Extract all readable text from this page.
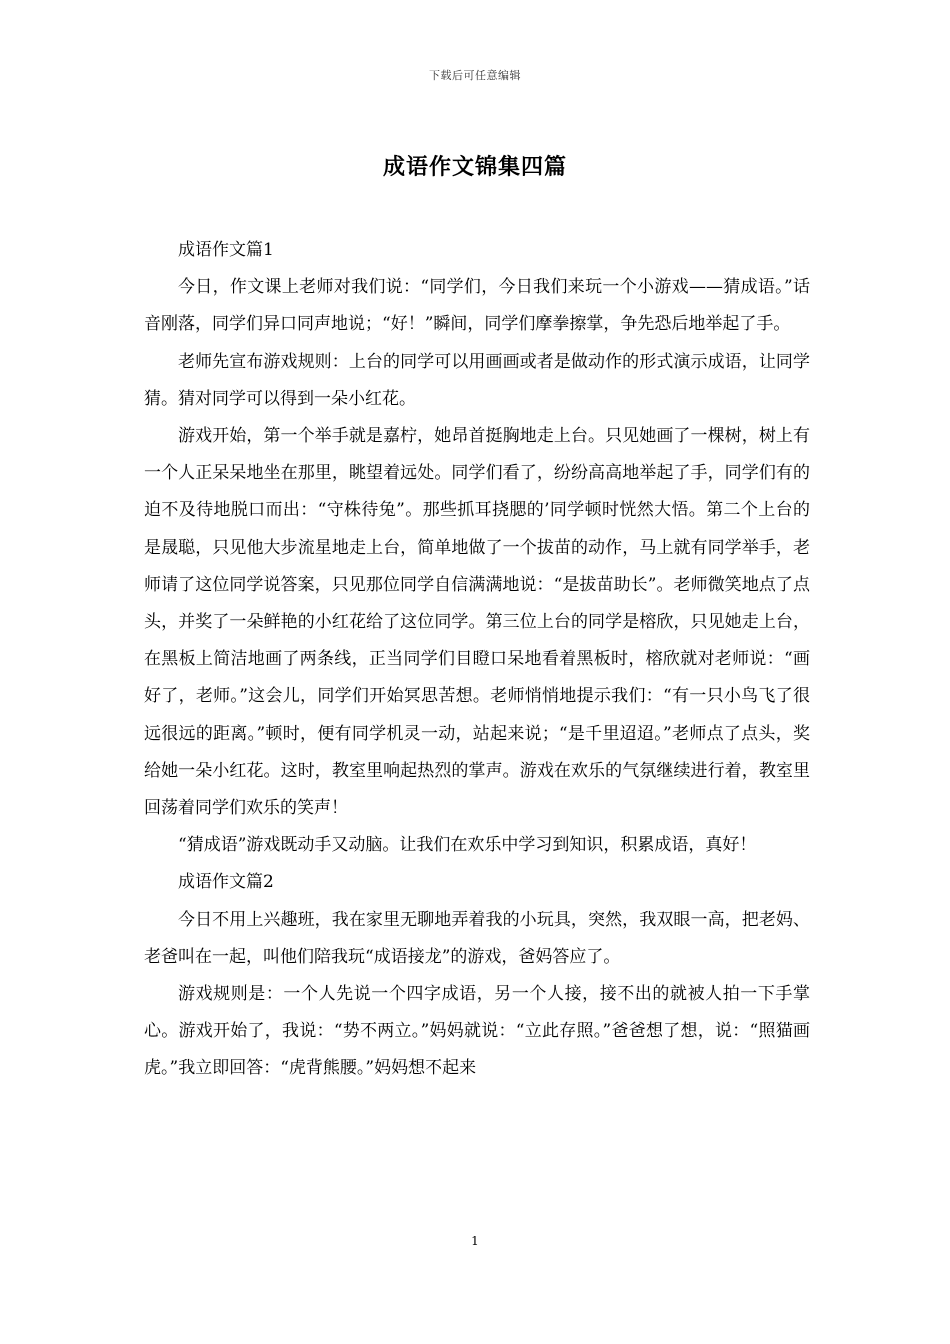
下载后可任意编辑
成语作文锦集四篇

成语作文篇1

今日，作文课上老师对我们说：“同学们，今日我们来玩一个小游戏——猜成语。”话音刚落，同学们异口同声地说；“好！”瞬间，同学们摩拳擦掌，争先恐后地举起了手。

老师先宣布游戏规则：上台的同学可以用画画或者是做动作的形式演示成语，让同学猜。猜对同学可以得到一朵小红花。

游戏开始，第一个举手就是嘉柠，她昂首挺胸地走上台。只见她画了一棵树，树上有一个人正呆呆地坐在那里，眺望着远处。同学们看了，纷纷高高地举起了手，同学们有的迫不及待地脱口而出：“守株待兔”。那些抓耳挠腮的’同学顿时恍然大悟。第二个上台的是晟聪，只见他大步流星地走上台，简单地做了一个拔苗的动作，马上就有同学举手，老师请了这位同学说答案，只见那位同学自信满满地说：“是拔苗助长”。老师微笑地点了点头，并奖了一朵鲜艳的小红花给了这位同学。第三位上台的同学是榕欣，只见她走上台，在黑板上简洁地画了两条线，正当同学们目瞪口呆地看着黑板时，榕欣就对老师说：“画好了，老师。”这会儿，同学们开始冥思苦想。老师悄悄地提示我们：“有一只小鸟飞了很远很远的距离。”顿时，便有同学机灵一动，站起来说；“是千里迢迢。”老师点了点头，奖给她一朵小红花。这时，教室里响起热烈的掌声。游戏在欢乐的气氛继续进行着，教室里回荡着同学们欢乐的笑声！

“猜成语”游戏既动手又动脑。让我们在欢乐中学习到知识，积累成语，真好！

成语作文篇2

今日不用上兴趣班，我在家里无聊地弄着我的小玩具，突然，我双眼一高，把老妈、老爸叫在一起，叫他们陪我玩“成语接龙”的游戏，爸妈答应了。

游戏规则是：一个人先说一个四字成语，另一个人接，接不出的就被人拍一下手掌心。游戏开始了，我说：“势不两立。”妈妈就说：“立此存照。”爸爸想了想，说：“照猫画虎。”我立即回答：“虎背熊腰。”妈妈想不起来

1
